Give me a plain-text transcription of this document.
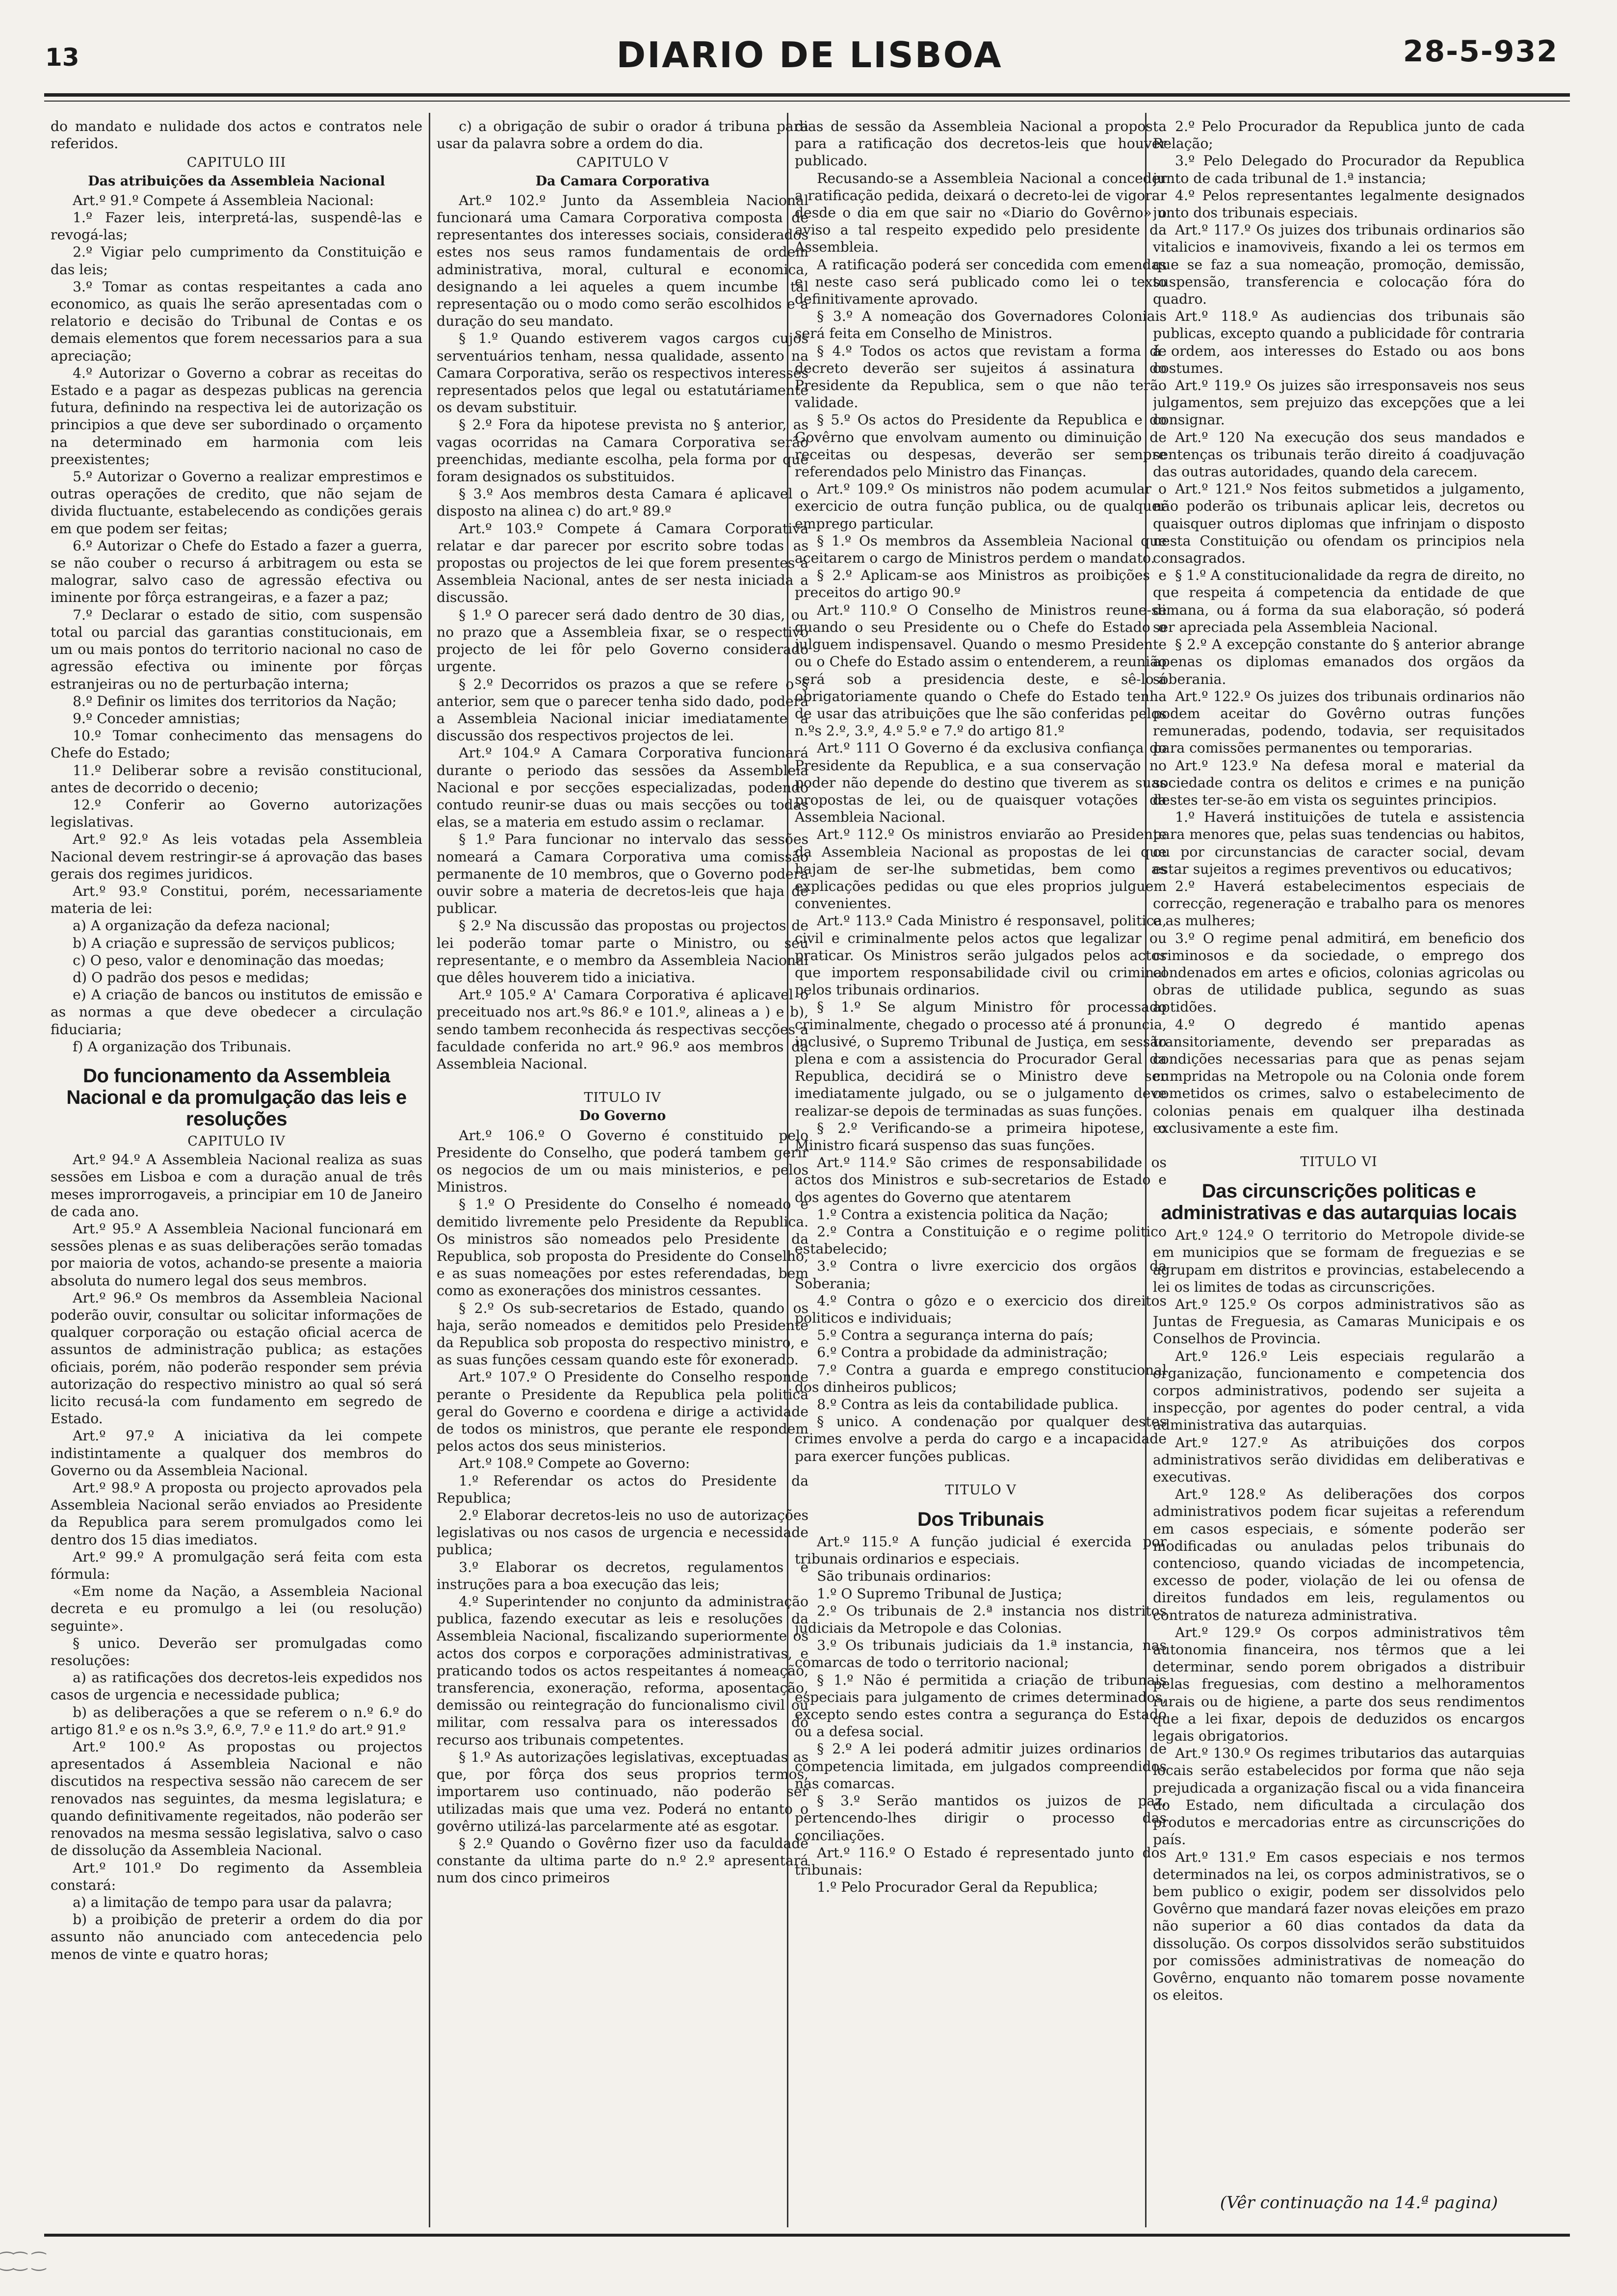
13	DIARIO DE LISBOA	28-5-932

do mandato e nulidade dos actos e contratos nele referidos.

CAPITULO III

Das atribuições da Assembleia Nacional

Art.º 91.º Compete á Assembleia Nacional:

1.º Fazer leis, interpretá-las, suspendê-las e revogá-las;

2.º Vigiar pelo cumprimento da Constituição e das leis;

3.º Tomar as contas respeitantes a cada ano economico, as quais lhe serão apresentadas com o relatorio e decisão do Tribunal de Contas e os demais elementos que forem necessarios para a sua apreciação;

4.º Autorizar o Governo a cobrar as receitas do Estado e a pagar as despezas publicas na gerencia futura, definindo na respectiva lei de autorização os principios a que deve ser subordinado o orçamento na determinado em harmonia com leis preexistentes;

5.º Autorizar o Governo a realizar emprestimos e outras operações de credito, que não sejam de divida fluctuante, estabelecendo as condições gerais em que podem ser feitas;

6.º Autorizar o Chefe do Estado a fazer a guerra, se não couber o recurso á arbitragem ou esta se malograr, salvo caso de agressão efectiva ou iminente por fôrça estrangeiras, e a fazer a paz;

7.º Declarar o estado de sitio, com suspensão total ou parcial das garantias constitucionais, em um ou mais pontos do territorio nacional no caso de agressão efectiva ou iminente por fôrças estranjeiras ou no de perturbação interna;

8.º Definir os limites dos territorios da Nação;

9.º Conceder amnistias;

10.º Tomar conhecimento das mensagens do Chefe do Estado;

11.º Deliberar sobre a revisão constitucional, antes de decorrido o decenio;

12.º Conferir ao Governo autorizações legislativas.

Art.º 92.º As leis votadas pela Assembleia Nacional devem restringir-se á aprovação das bases gerais dos regimes juridicos.

Art.º 93.º Constitui, porém, necessariamente materia de lei:

a) A organização da defeza nacional;

b) A criação e supressão de serviços publicos;

c) O peso, valor e denominação das moedas;

d) O padrão dos pesos e medidas;

e) A criação de bancos ou institutos de emissão e as normas a que deve obedecer a circulação fiduciaria;

f) A organização dos Tribunais.

Do funcionamento da Assembleia Nacional e da promulgação das leis e resoluções

CAPITULO IV

Art.º 94.º A Assembleia Nacional realiza as suas sessões em Lisboa e com a duração anual de três meses improrrogaveis, a principiar em 10 de Janeiro de cada ano.

Art.º 95.º A Assembleia Nacional funcionará em sessões plenas e as suas deliberações serão tomadas por maioria de votos, achando-se presente a maioria absoluta do numero legal dos seus membros.

Art.º 96.º Os membros da Assembleia Nacional poderão ouvir, consultar ou solicitar informações de qualquer corporação ou estação oficial acerca de assuntos de administração publica; as estações oficiais, porém, não poderão responder sem prévia autorização do respectivo ministro ao qual só será licito recusá-la com fundamento em segredo de Estado.

Art.º 97.º A iniciativa da lei compete indistintamente a qualquer dos membros do Governo ou da Assembleia Nacional.

Art.º 98.º A proposta ou projecto aprovados pela Assembleia Nacional serão enviados ao Presidente da Republica para serem promulgados como lei dentro dos 15 dias imediatos.

Art.º 99.º A promulgação será feita com esta fórmula:

«Em nome da Nação, a Assembleia Nacional decreta e eu promulgo a lei (ou resolução) seguinte».

§ unico. Deverão ser promulgadas como resoluções:

a) as ratificações dos decretos-leis expedidos nos casos de urgencia e necessidade publica;

b) as deliberações a que se referem o n.º 6.º do artigo 81.º e os n.ºs 3.º, 6.º, 7.º e 11.º do art.º 91.º

Art.º 100.º As propostas ou projectos apresentados á Assembleia Nacional e não discutidos na respectiva sessão não carecem de ser renovados nas seguintes, da mesma legislatura; e quando definitivamente regeitados, não poderão ser renovados na mesma sessão legislativa, salvo o caso de dissolução da Assembleia Nacional.

Art.º 101.º Do regimento da Assembleia constará:

a) a limitação de tempo para usar da palavra;

b) a proibição de preterir a ordem do dia por assunto não anunciado com antecedencia pelo menos de vinte e quatro horas;

c) a obrigação de subir o orador á tribuna para usar da palavra sobre a ordem do dia.

CAPITULO V

Da Camara Corporativa

Art.º 102.º Junto da Assembleia Nacional funcionará uma Camara Corporativa composta de representantes dos interesses sociais, considerados estes nos seus ramos fundamentais de ordem administrativa, moral, cultural e economica, designando a lei aqueles a quem incumbe tal representação ou o modo como serão escolhidos e a duração do seu mandato.

§ 1.º Quando estiverem vagos cargos cujos serventuários tenham, nessa qualidade, assento na Camara Corporativa, serão os respectivos interesses representados pelos que legal ou estatutáriamente os devam substituir.

§ 2.º Fora da hipotese prevista no § anterior, as vagas ocorridas na Camara Corporativa serão preenchidas, mediante escolha, pela forma por que foram designados os substituidos.

§ 3.º Aos membros desta Camara é aplicavel o disposto na alinea c) do art.º 89.º

Art.º 103.º Compete á Camara Corporativa relatar e dar parecer por escrito sobre todas as propostas ou projectos de lei que forem presentes á Assembleia Nacional, antes de ser nesta iniciada a discussão.

§ 1.º O parecer será dado dentro de 30 dias, ou no prazo que a Assembleia fixar, se o respectivo projecto de lei fôr pelo Governo considerado urgente.

§ 2.º Decorridos os prazos a que se refere o § anterior, sem que o parecer tenha sido dado, poderá a Assembleia Nacional iniciar imediatamente a discussão dos respectivos projectos de lei.

Art.º 104.º A Camara Corporativa funcionará durante o periodo das sessões da Assembleia Nacional e por secções especializadas, podendo contudo reunir-se duas ou mais secções ou todas elas, se a materia em estudo assim o reclamar.

§ 1.º Para funcionar no intervalo das sessões nomeará a Camara Corporativa uma comissão permanente de 10 membros, que o Governo poderá ouvir sobre a materia de decretos-leis que haja de publicar.

§ 2.º Na discussão das propostas ou projectos de lei poderão tomar parte o Ministro, ou seu representante, e o membro da Assembleia Nacional que dêles houverem tido a iniciativa.

Art.º 105.º A' Camara Corporativa é aplicavel o preceituado nos art.ºs 86.º e 101.º, alineas a ) e b), sendo tambem reconhecida ás respectivas secções a faculdade conferida no art.º 96.º aos membros da Assembleia Nacional.

TITULO IV

Do Governo

Art.º 106.º O Governo é constituido pelo Presidente do Conselho, que poderá tambem gerir os negocios de um ou mais ministerios, e pelos Ministros.

§ 1.º O Presidente do Conselho é nomeado e demitido livremente pelo Presidente da Republica. Os ministros são nomeados pelo Presidente da Republica, sob proposta do Presidente do Conselho, e as suas nomeações por estes referendadas, bem como as exonerações dos ministros cessantes.

§ 2.º Os sub-secretarios de Estado, quando os haja, serão nomeados e demitidos pelo Presidente da Republica sob proposta do respectivo ministro, e as suas funções cessam quando este fôr exonerado.

Art.º 107.º O Presidente do Conselho responde perante o Presidente da Republica pela politica geral do Governo e coordena e dirige a actividade de todos os ministros, que perante ele respondem pelos actos dos seus ministerios.

Art.º 108.º Compete ao Governo:

1.º Referendar os actos do Presidente da Republica;

2.º Elaborar decretos-leis no uso de autorizações legislativas ou nos casos de urgencia e necessidade publica;

3.º Elaborar os decretos, regulamentos e instruções para a boa execução das leis;

4.º Superintender no conjunto da administração publica, fazendo executar as leis e resoluções da Assembleia Nacional, fiscalizando superiormente os actos dos corpos e corporações administrativas, e praticando todos os actos respeitantes á nomeação, transferencia, exoneração, reforma, aposentação, demissão ou reintegração do funcionalismo civil ou militar, com ressalva para os interessados do recurso aos tribunais competentes.

§ 1.º As autorizações legislativas, exceptuadas as que, por fôrça dos seus proprios termos, importarem uso continuado, não poderão ser utilizadas mais que uma vez. Poderá no entanto o govêrno utilizá-las parcelarmente até as esgotar.

§ 2.º Quando o Govêrno fizer uso da faculdade constante da ultima parte do n.º 2.º apresentará num dos cinco primeiros

dias de sessão da Assembleia Nacional a proposta para a ratificação dos decretos-leis que houver publicado.

Recusando-se a Assembleia Nacional a conceder a ratificação pedida, deixará o decreto-lei de vigorar desde o dia em que sair no «Diario do Govêrno» o aviso a tal respeito expedido pelo presidente da Assembleia.

A ratificação poderá ser concedida com emendas e neste caso será publicado como lei o texto definitivamente aprovado.

§ 3.º A nomeação dos Governadores Coloniais será feita em Conselho de Ministros.

§ 4.º Todos os actos que revistam a forma de decreto deverão ser sujeitos á assinatura do Presidente da Republica, sem o que não terão validade.

§ 5.º Os actos do Presidente da Republica e do Govêrno que envolvam aumento ou diminuição de receitas ou despesas, deverão ser sempre referendados pelo Ministro das Finanças.

Art.º 109.º Os ministros não podem acumular o exercicio de outra função publica, ou de qualquer emprego particular.

§ 1.º Os membros da Assembleia Nacional que aceitarem o cargo de Ministros perdem o mandato.

§ 2.º Aplicam-se aos Ministros as proibições e preceitos do artigo 90.º

Art.º 110.º O Conselho de Ministros reune-se quando o seu Presidente ou o Chefe do Estado o julguem indispensavel. Quando o mesmo Presidente ou o Chefe do Estado assim o entenderem, a reunião será sob a presidencia deste, e sê-lo-á obrigatoriamente quando o Chefe do Estado tenha de usar das atribuições que lhe são conferidas pelos n.ºs 2.º, 3.º, 4.º 5.º e 7.º do artigo 81.º

Art.º 111 O Governo é da exclusiva confiança do Presidente da Republica, e a sua conservação no poder não depende do destino que tiverem as suas propostas de lei, ou de quaisquer votações da Assembleia Nacional.

Art.º 112.º Os ministros enviarão ao Presidente da Assembleia Nacional as propostas de lei que hajam de ser-lhe submetidas, bem como as explicações pedidas ou que eles proprios julguem convenientes.

Art.º 113.º Cada Ministro é responsavel, politica, civil e criminalmente pelos actos que legalizar ou praticar. Os Ministros serão julgados pelos actos que importem responsabilidade civil ou criminal pelos tribunais ordinarios.

§ 1.º Se algum Ministro fôr processado criminalmente, chegado o processo até á pronuncia, inclusivé, o Supremo Tribunal de Justiça, em sessão plena e com a assistencia do Procurador Geral da Republica, decidirá se o Ministro deve ser imediatamente julgado, ou se o julgamento deve realizar-se depois de terminadas as suas funções.

§ 2.º Verificando-se a primeira hipotese, o Ministro ficará suspenso das suas funções.

Art.º 114.º São crimes de responsabilidade os actos dos Ministros e sub-secretarios de Estado e dos agentes do Governo que atentarem

1.º Contra a existencia politica da Nação;

2.º Contra a Constituição e o regime politico estabelecido;

3.º Contra o livre exercicio dos orgãos da Soberania;

4.º Contra o gôzo e o exercicio dos direitos politicos e individuais;

5.º Contra a segurança interna do país;

6.º Contra a probidade da administração;

7.º Contra a guarda e emprego constitucional dos dinheiros publicos;

8.º Contra as leis da contabilidade publica.

§ unico. A condenação por qualquer destes crimes envolve a perda do cargo e a incapacidade para exercer funções publicas.

TITULO V

Dos Tribunais

Art.º 115.º A função judicial é exercida por tribunais ordinarios e especiais.

São tribunais ordinarios:

1.º O Supremo Tribunal de Justiça;

2.º Os tribunais de 2.ª instancia nos distritos judiciais da Metropole e das Colonias.

3.º Os tribunais judiciais da 1.ª instancia, nas comarcas de todo o territorio nacional;

§ 1.º Não é permitida a criação de tribunais especiais para julgamento de crimes determinados, excepto sendo estes contra a segurança do Estado ou a defesa social.

§ 2.º A lei poderá admitir juizes ordinarios de competencia limitada, em julgados compreendidos nas comarcas.

§ 3.º Serão mantidos os juizos de paz, pertencendo-lhes dirigir o processo das conciliações.

Art.º 116.º O Estado é representado junto dos tribunais:

1.º Pelo Procurador Geral da Republica;

2.º Pelo Procurador da Republica junto de cada Relação;

3.º Pelo Delegado do Procurador da Republica junto de cada tribunal de 1.ª instancia;

4.º Pelos representantes legalmente designados junto dos tribunais especiais.

Art.º 117.º Os juizes dos tribunais ordinarios são vitalicios e inamoviveis, fixando a lei os termos em que se faz a sua nomeação, promoção, demissão, suspensão, transferencia e colocação fóra do quadro.

Art.º 118.º As audiencias dos tribunais são publicas, excepto quando a publicidade fôr contraria á ordem, aos interesses do Estado ou aos bons costumes.

Art.º 119.º Os juizes são irresponsaveis nos seus julgamentos, sem prejuizo das excepções que a lei consignar.

Art.º 120 Na execução dos seus mandados e sentenças os tribunais terão direito á coadjuvação das outras autoridades, quando dela carecem.

Art.º 121.º Nos feitos submetidos a julgamento, não poderão os tribunais aplicar leis, decretos ou quaisquer outros diplomas que infrinjam o disposto nesta Constituição ou ofendam os principios nela consagrados.

§ 1.º A constitucionalidade da regra de direito, no que respeita á competencia da entidade de que dimana, ou á forma da sua elaboração, só poderá ser apreciada pela Assembleia Nacional.

§ 2.º A excepção constante do § anterior abrange apenas os diplomas emanados dos orgãos da soberania.

Art.º 122.º Os juizes dos tribunais ordinarios não podem aceitar do Govêrno outras funções remuneradas, podendo, todavia, ser requisitados para comissões permanentes ou temporarias.

Art.º 123.º Na defesa moral e material da sociedade contra os delitos e crimes e na punição destes ter-se-ão em vista os seguintes principios.

1.º Haverá instituições de tutela e assistencia para menores que, pelas suas tendencias ou habitos, ou por circunstancias de caracter social, devam estar sujeitos a regimes preventivos ou educativos;

2.º Haverá estabelecimentos especiais de correcção, regeneração e trabalho para os menores e as mulheres;

3.º O regime penal admitirá, em beneficio dos criminosos e da sociedade, o emprego dos condenados em artes e oficios, colonias agricolas ou obras de utilidade publica, segundo as suas aptidões.

4.º O degredo é mantido apenas transitoriamente, devendo ser preparadas as condições necessarias para que as penas sejam cumpridas na Metropole ou na Colonia onde forem cometidos os crimes, salvo o estabelecimento de colonias penais em qualquer ilha destinada exclusivamente a este fim.

TITULO VI

Das circunscrições politicas e administrativas e das autarquias locais

Art.º 124.º O territorio do Metropole divide-se em municipios que se formam de freguezias e se agrupam em distritos e provincias, estabelecendo a lei os limites de todas as circunscrições.

Art.º 125.º Os corpos administrativos são as Juntas de Freguesia, as Camaras Municipais e os Conselhos de Provincia.

Art.º 126.º Leis especiais regularão a organização, funcionamento e competencia dos corpos administrativos, podendo ser sujeita a inspecção, por agentes do poder central, a vida administrativa das autarquias.

Art.º 127.º As atribuições dos corpos administrativos serão divididas em deliberativas e executivas.

Art.º 128.º As deliberações dos corpos administrativos podem ficar sujeitas a referendum em casos especiais, e sómente poderão ser modificadas ou anuladas pelos tribunais do contencioso, quando viciadas de incompetencia, excesso de poder, violação de lei ou ofensa de direitos fundados em leis, regulamentos ou contratos de natureza administrativa.

Art.º 129.º Os corpos administrativos têm autonomia financeira, nos têrmos que a lei determinar, sendo porem obrigados a distribuir pelas freguesias, com destino a melhoramentos rurais ou de higiene, a parte dos seus rendimentos que a lei fixar, depois de deduzidos os encargos legais obrigatorios.

Art.º 130.º Os regimes tributarios das autarquias locais serão estabelecidos por forma que não seja prejudicada a organização fiscal ou a vida financeira do Estado, nem dificultada a circulação dos produtos e mercadorias entre as circunscrições do país.

Art.º 131.º Em casos especiais e nos termos determinados na lei, os corpos administrativos, se o bem publico o exigir, podem ser dissolvidos pelo Govêrno que mandará fazer novas eleições em prazo não superior a 60 dias contados da data da dissolução. Os corpos dissolvidos serão substituidos por comissões administrativas de nomeação do Govêrno, enquanto não tomarem posse novamente os eleitos.

(Vêr continuação na 14.ª pagina)
⁐⁐ ⁐
